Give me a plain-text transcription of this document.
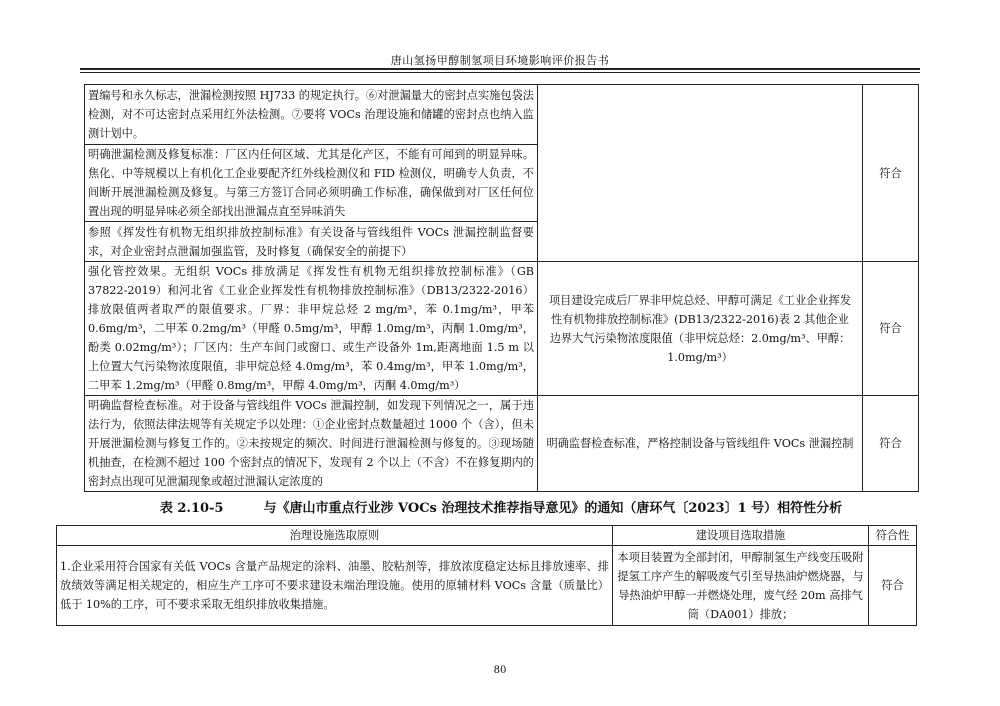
唐山氢扬甲醇制氢项目环境影响评价报告书
置编号和永久标志，泄漏检测按照 HJ733 的规定执行。⑥对泄漏量大的密封点实施包袋法检测，对不可达密封点采用红外法检测。⑦要将 VOCs 治理设施和储罐的密封点也纳入监测计划中。		符合
明确泄漏检测及修复标准：厂区内任何区域、尤其是化产区，不能有可闻到的明显异味。焦化、中等规模以上有机化工企业要配齐红外线检测仪和 FID 检测仪，明确专人负责，不间断开展泄漏检测及修复。与第三方签订合同必须明确工作标准，确保做到对厂区任何位置出现的明显异味必须全部找出泄漏点直至异味消失		
参照《挥发性有机物无组织排放控制标准》有关设备与管线组件 VOCs 泄漏控制监督要求，对企业密封点泄漏加强监管，及时修复（确保安全的前提下）		
强化管控效果。无组织 VOCs 排放满足《挥发性有机物无组织排放控制标准》（GB 37822-2019）和河北省《工业企业挥发性有机物排放控制标准》（DB13/2322-2016）排放限值两者取严的限值要求。厂界：非甲烷总烃 2 mg/m³，苯 0.1mg/m³，甲苯 0.6mg/m³，二甲苯 0.2mg/m³（甲醛 0.5mg/m³，甲醇 1.0mg/m³，丙酮 1.0mg/m³，酚类 0.02mg/m³）；厂区内：生产车间门或窗口、或生产设备外 1m,距离地面 1.5 m 以上位置大气污染物浓度限值，非甲烷总烃 4.0mg/m³，苯 0.4mg/m³，甲苯 1.0mg/m³，二甲苯 1.2mg/m³（甲醛 0.8mg/m³，甲醇 4.0mg/m³，丙酮 4.0mg/m³）	项目建设完成后厂界非甲烷总烃、甲醇可满足《工业企业挥发性有机物排放控制标准》(DB13/2322-2016)表 2 其他企业边界大气污染物浓度限值（非甲烷总烃：2.0mg/m³、甲醇：1.0mg/m³）	符合
明确监督检查标准。对于设备与管线组件 VOCs 泄漏控制，如发现下列情况之一，属于违法行为，依照法律法规等有关规定予以处理：①企业密封点数量超过 1000 个（含），但未开展泄漏检测与修复工作的。②未按规定的频次、时间进行泄漏检测与修复的。③现场随机抽查，在检测不超过 100 个密封点的情况下，发现有 2 个以上（不含）不在修复期内的密封点出现可见泄漏现象或超过泄漏认定浓度的	明确监督检查标准，严格控制设备与管线组件 VOCs 泄漏控制	符合
表 2.10-5	与《唐山市重点行业涉 VOCs 治理技术推荐指导意见》的通知（唐环气〔2023〕1 号）相符性分析
治理设施选取原则	建设项目选取措施	符合性
1.企业采用符合国家有关低 VOCs 含量产品规定的涂料、油墨、胶粘剂等，排放浓度稳定达标且排放速率、排放绩效等满足相关规定的，相应生产工序可不要求建设末端治理设施。使用的原辅材料 VOCs 含量（质量比）低于 10%的工序，可不要求采取无组织排放收集措施。	本项目装置为全部封闭，甲醇制氢生产线变压吸附提氢工序产生的解吸废气引至导热油炉燃烧器，与导热油炉甲醇一并燃烧处理，废气经 20m 高排气筒（DA001）排放；	符合
80
